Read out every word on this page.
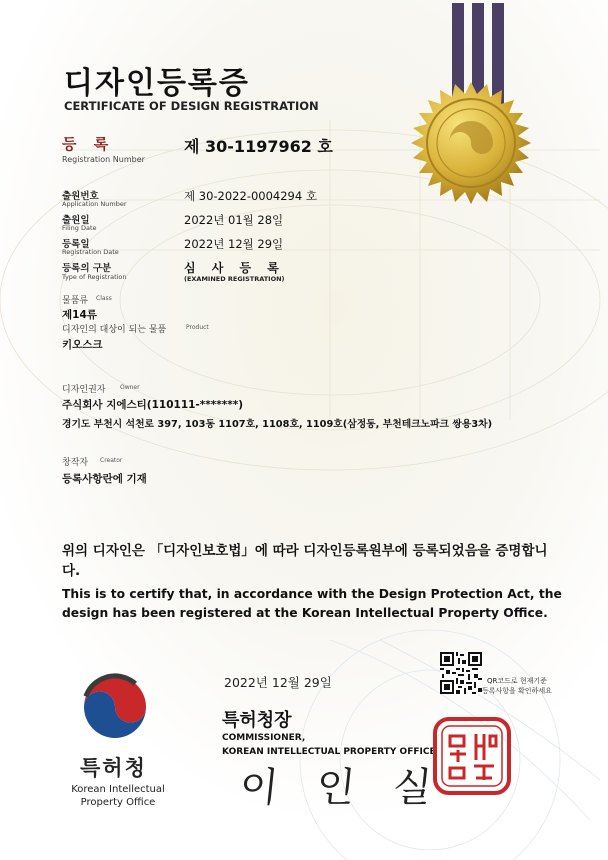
디자인등록증
CERTIFICATE OF DESIGN REGISTRATION
등 록
Registration Number
제 30-1197962 호
출원번호
Application Number
제 30-2022-0004294 호
출원일
Filing Date
2022년 01월 28일
등록일
Registration Date
2022년 12월 29일
등록의 구분
Type of Registration
심 사 등 록
(EXAMINED REGISTRATION)
물품류 Class
제14류
디자인의 대상이 되는 물품	Product
키오스크
디자인권자 Owner
주식회사 지에스티(110111-*******)
경기도 부천시 석천로 397, 103동 1107호, 1108호, 1109호(삼정동, 부천테크노파크 쌍용3차)
창작자 Creator
등록사항란에 기재
위의 디자인은 「디자인보호법」에 따라 디자인등록원부에 등록되었음을 증명합니다.
This is to certify that, in accordance with the Design Protection Act, the design has been registered at the Korean Intellectual Property Office.
특허청
Korean Intellectual
Property Office
2022년 12월 29일
특허청장
COMMISSIONER,
KOREAN INTELLECTUAL PROPERTY OFFICE
이인실
QR코드로 현재기준
등록사항을 확인하세요
